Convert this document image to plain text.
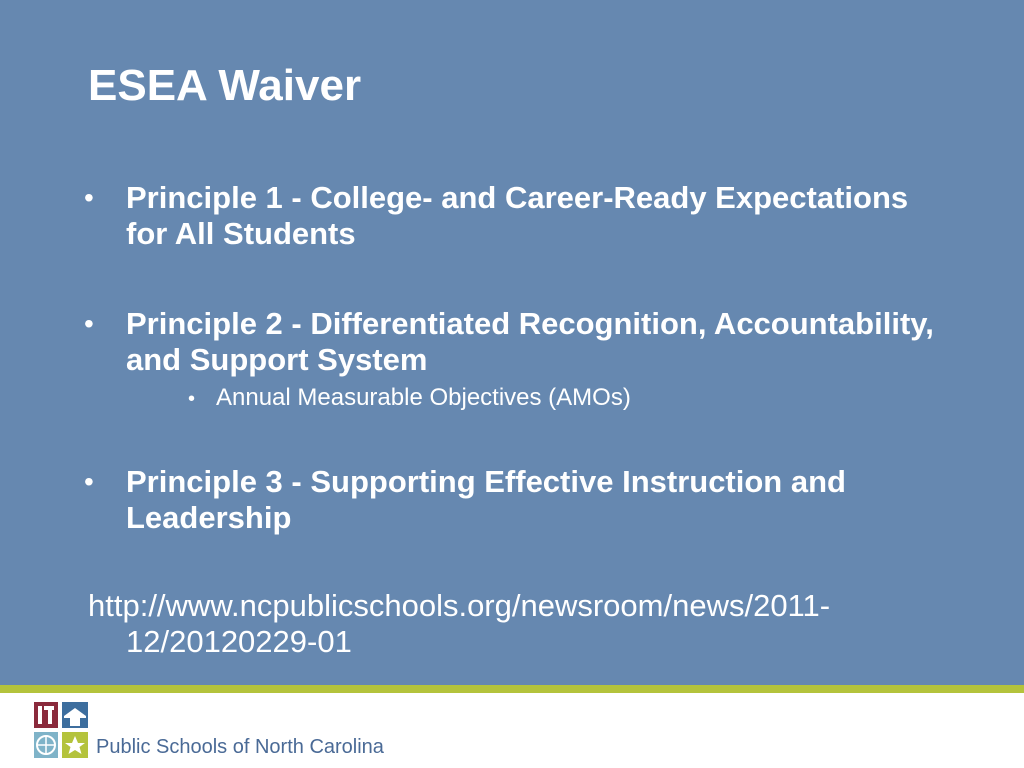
ESEA Waiver
• Principle 1 - College- and Career-Ready Expectations for All Students
• Principle 2 - Differentiated Recognition, Accountability, and Support System
• Annual Measurable Objectives (AMOs)
• Principle 3 - Supporting Effective Instruction and Leadership
http://www.ncpublicschools.org/newsroom/news/2011-12/20120229-01
Public Schools of North Carolina
